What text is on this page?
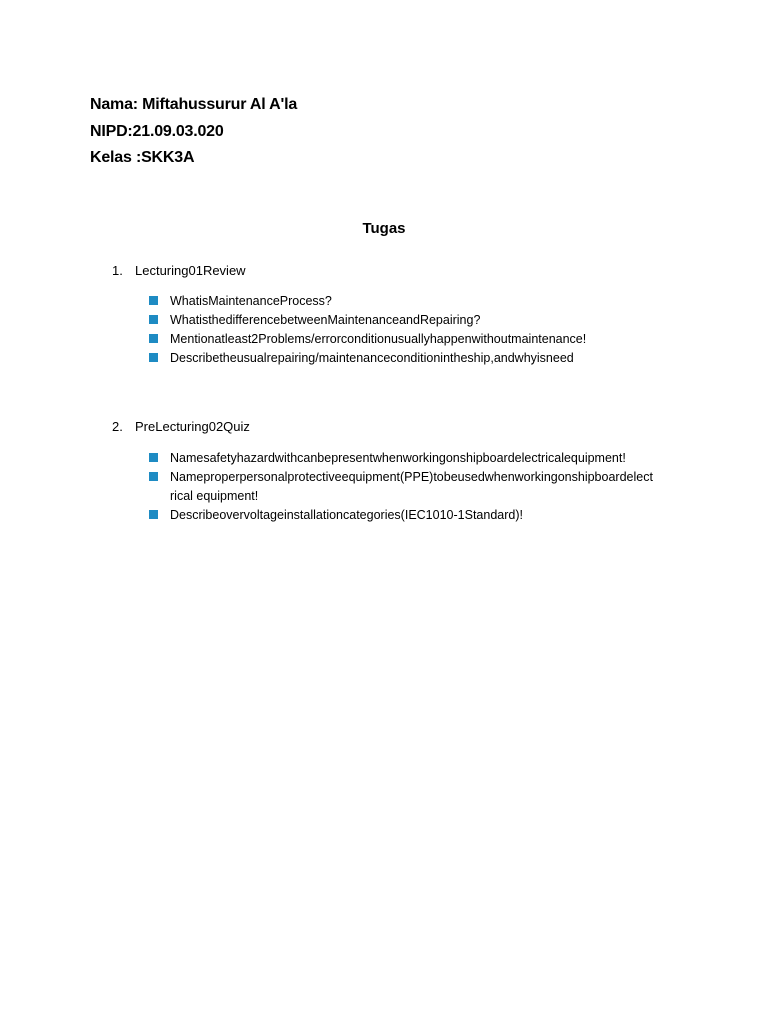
Nama: Miftahussurur Al A'la
NIPD:21.09.03.020
Kelas :SKK3A
Tugas
1. Lecturing01Review
WhatisMaintenanceProcess?
WhatisthedifferencebetweenMaintenanceandRepairing?
Mentionatleast2Problems/errorconditionusuallyhappenwithoutmaintenance!
Describetheusualrepairing/maintenanceconditionintheship,andwhyisneed
2. PreLecturing02Quiz
Namesafetyhazardwithcanbepresentwhenworkingonshipboardelectricalequipment!
Nameproperpersonalprotectiveequipment(PPE)tobeusedwhenworkingonshipboardelectrical equipment!
Describeovervoltageinstallationcategories(IEC1010-1Standard)!
